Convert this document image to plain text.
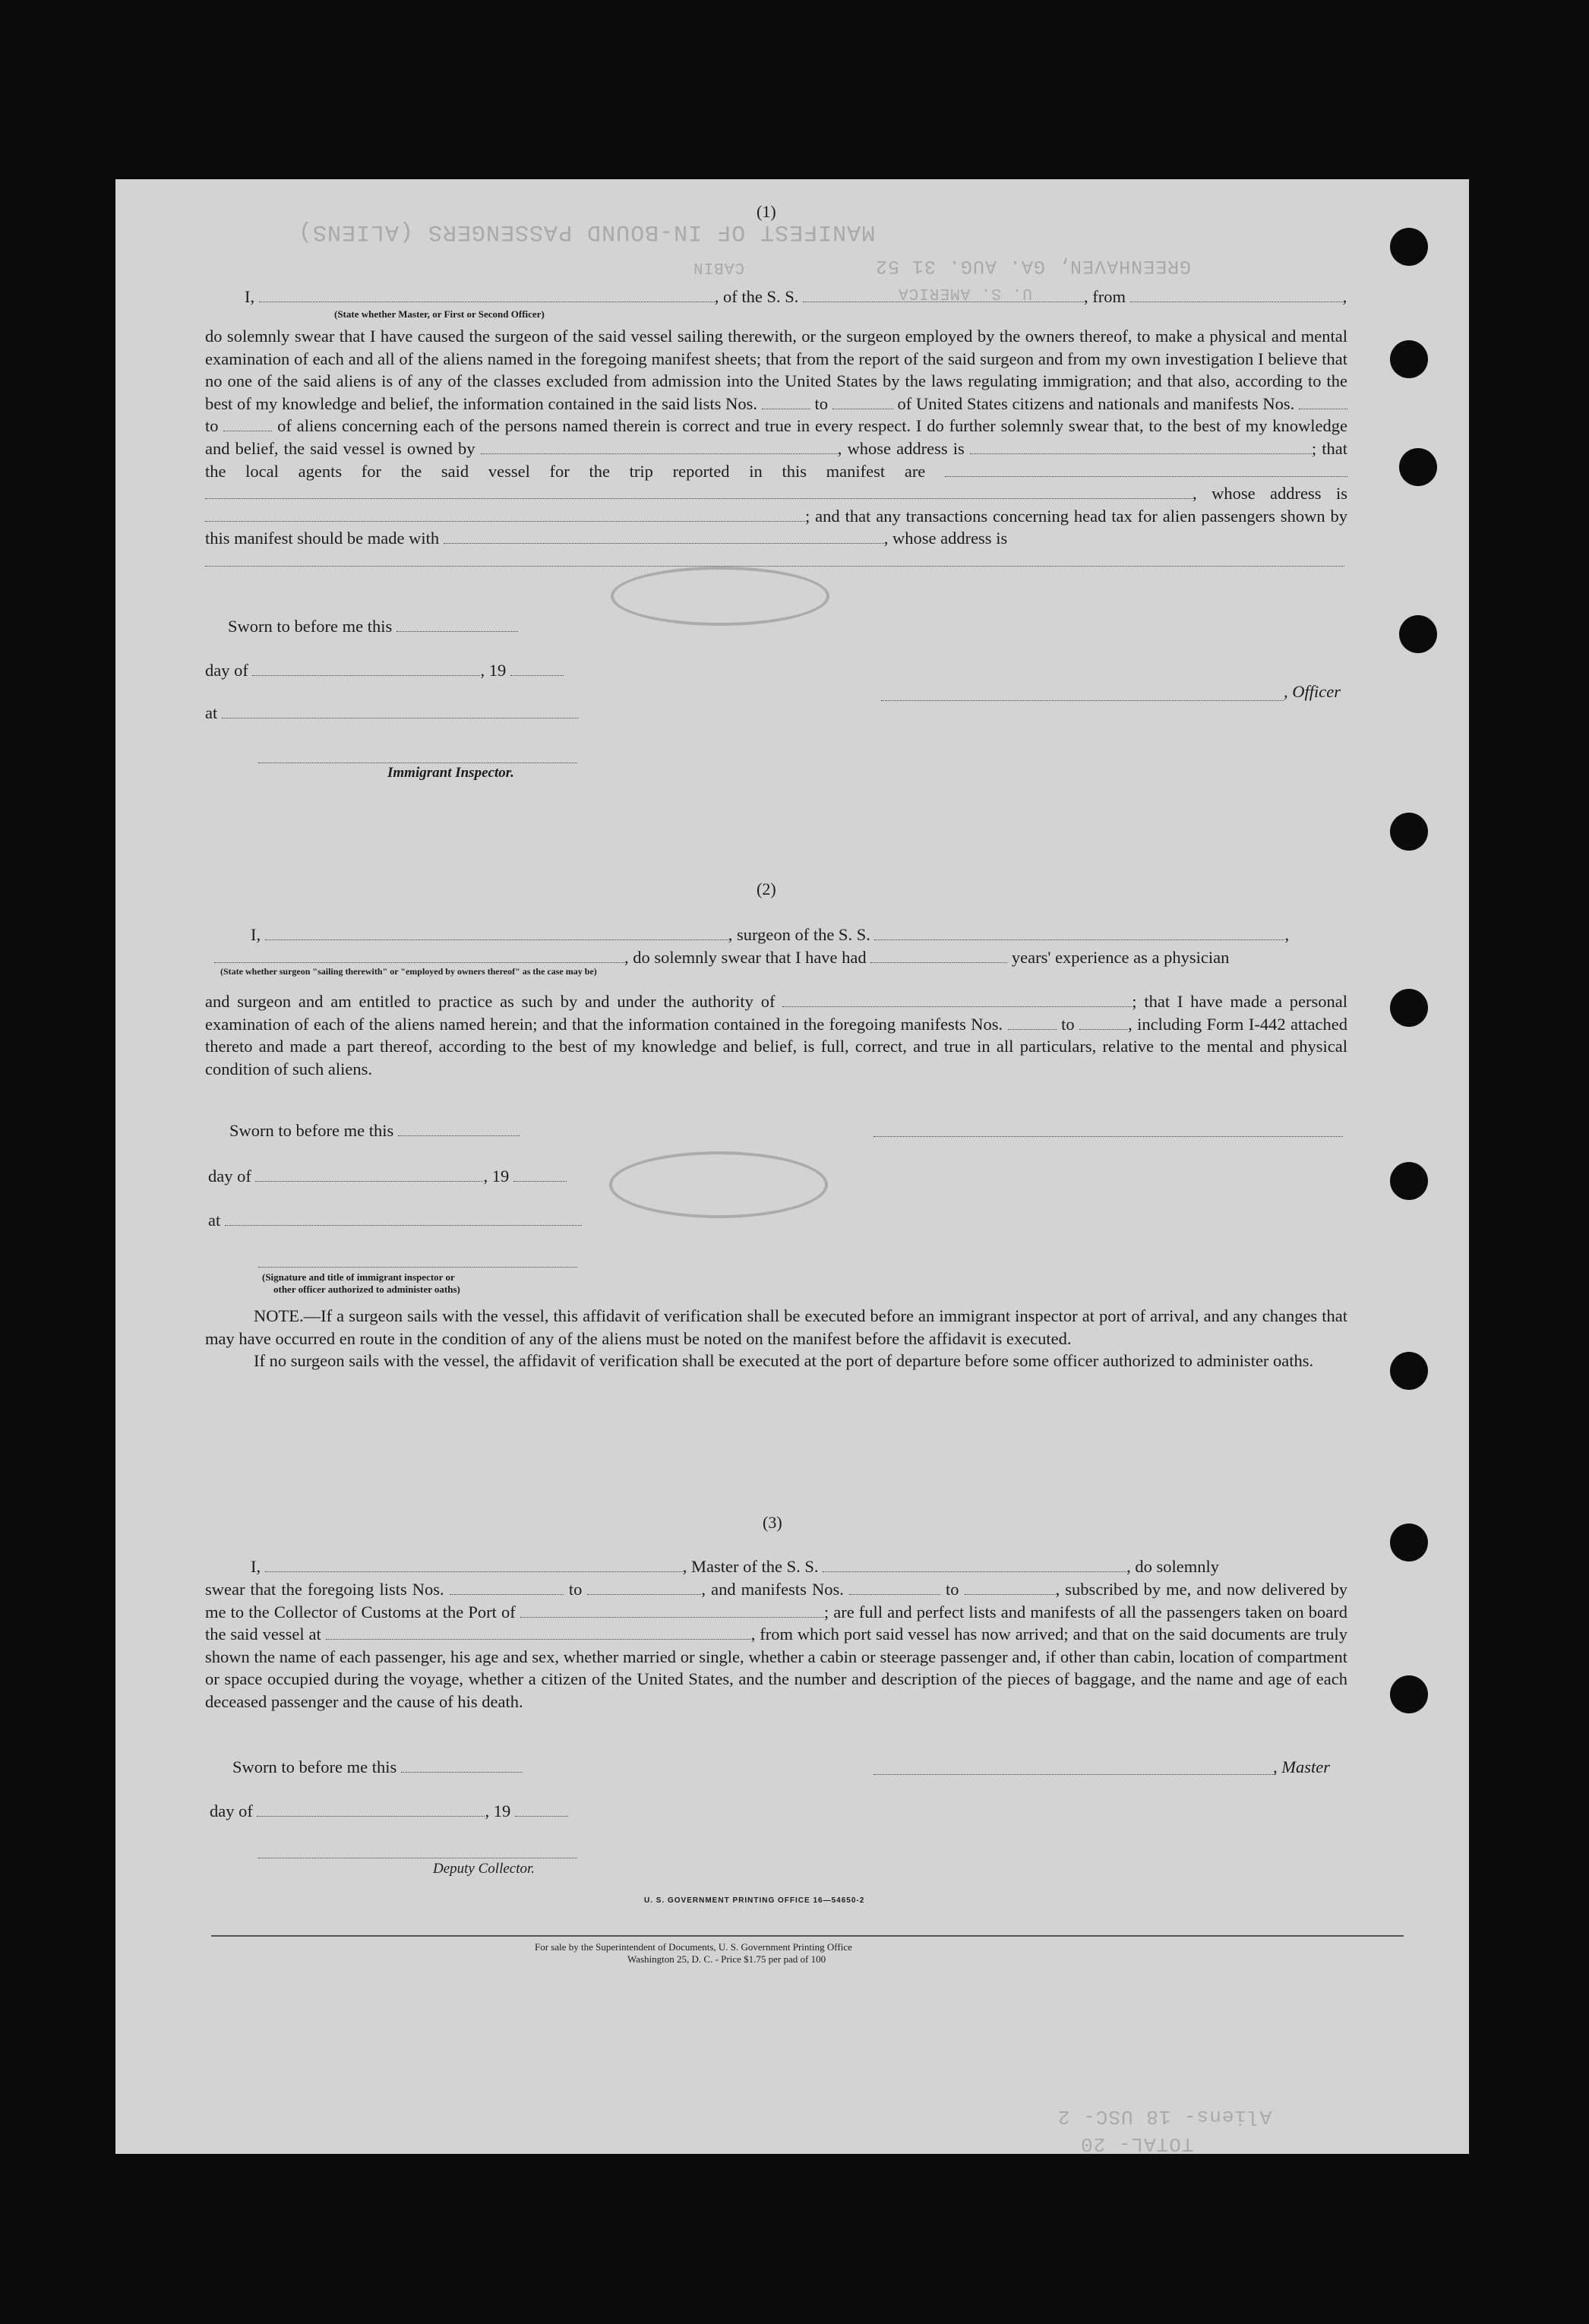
MANIFEST OF IN-BOUND PASSENGERS (ALIENS)
CABIN	GREENHAVEN, GA. AUG. 31 52
U. S. AMERICA
Aliens- 18 USC- 2
TOTAL- 20
(1)
I,	, of the S. S.	, from	,
(State whether Master, or First or Second Officer)

do solemnly swear that I have caused the surgeon of the said vessel sailing therewith, or the surgeon employed by the owners thereof, to make a physical and mental examination of each and all of the aliens named in the foregoing manifest sheets; that from the report of the said surgeon and from my own investigation I believe that no one of the said aliens is of any of the classes excluded from admission into the United States by the laws regulating immigration; and that also, according to the best of my knowledge and belief, the information contained in the said lists Nos.	to	of United States citizens and nationals and manifests Nos.  to	of aliens concerning each of the persons named therein is correct and true in every respect. I do further solemnly swear that, to the best of my knowledge and belief, the said vessel is owned by	, whose address is	; that the local agents for the said vessel for the trip reported in this manifest are , whose address is ; and that any transactions concerning head tax for alien passengers shown by this manifest should be made with	, whose address is

Sworn to before me this
day of	, 19
at
, Officer
Immigrant Inspector.
(2)
I,	, surgeon of the S. S.	,
, do solemnly swear that I have had	years' experience as a physician
(State whether surgeon "sailing therewith" or "employed by owners thereof" as the case may be)

and surgeon and am entitled to practice as such by and under the authority of	; that I have made a personal examination of each of the aliens named herein; and that the information contained in the foregoing manifests Nos.	to	, including Form I-442 attached thereto and made a part thereof, according to the best of my knowledge and belief, is full, correct, and true in all particulars, relative to the mental and physical condition of such aliens.

Sworn to before me this
day of	, 19
at
(Signature and title of immigrant inspector or
other officer authorized to administer oaths)

NOTE.—If a surgeon sails with the vessel, this affidavit of verification shall be executed before an immigrant inspector at port of arrival, and any changes that may have occurred en route in the condition of any of the aliens must be noted on the manifest before the affidavit is executed.

If no surgeon sails with the vessel, the affidavit of verification shall be executed at the port of departure before some officer authorized to administer oaths.

(3)
I,	, Master of the S. S.	, do solemnly

swear that the foregoing lists Nos.	to	, and manifests Nos.	to	, subscribed by me, and now delivered by me to the Collector of Customs at the Port of	; are full and perfect lists and manifests of all the passengers taken on board the said vessel at	, from which port said vessel has now arrived; and that on the said documents are truly shown the name of each passenger, his age and sex, whether married or single, whether a cabin or steerage passenger and, if other than cabin, location of compartment or space occupied during the voyage, whether a citizen of the United States, and the number and description of the pieces of baggage, and the name and age of each deceased passenger and the cause of his death.

Sworn to before me this	, Master
day of	, 19
Deputy Collector.
U. S. GOVERNMENT PRINTING OFFICE 16—54650-2
For sale by the Superintendent of Documents, U. S. Government Printing Office
Washington 25, D. C. - Price $1.75 per pad of 100
